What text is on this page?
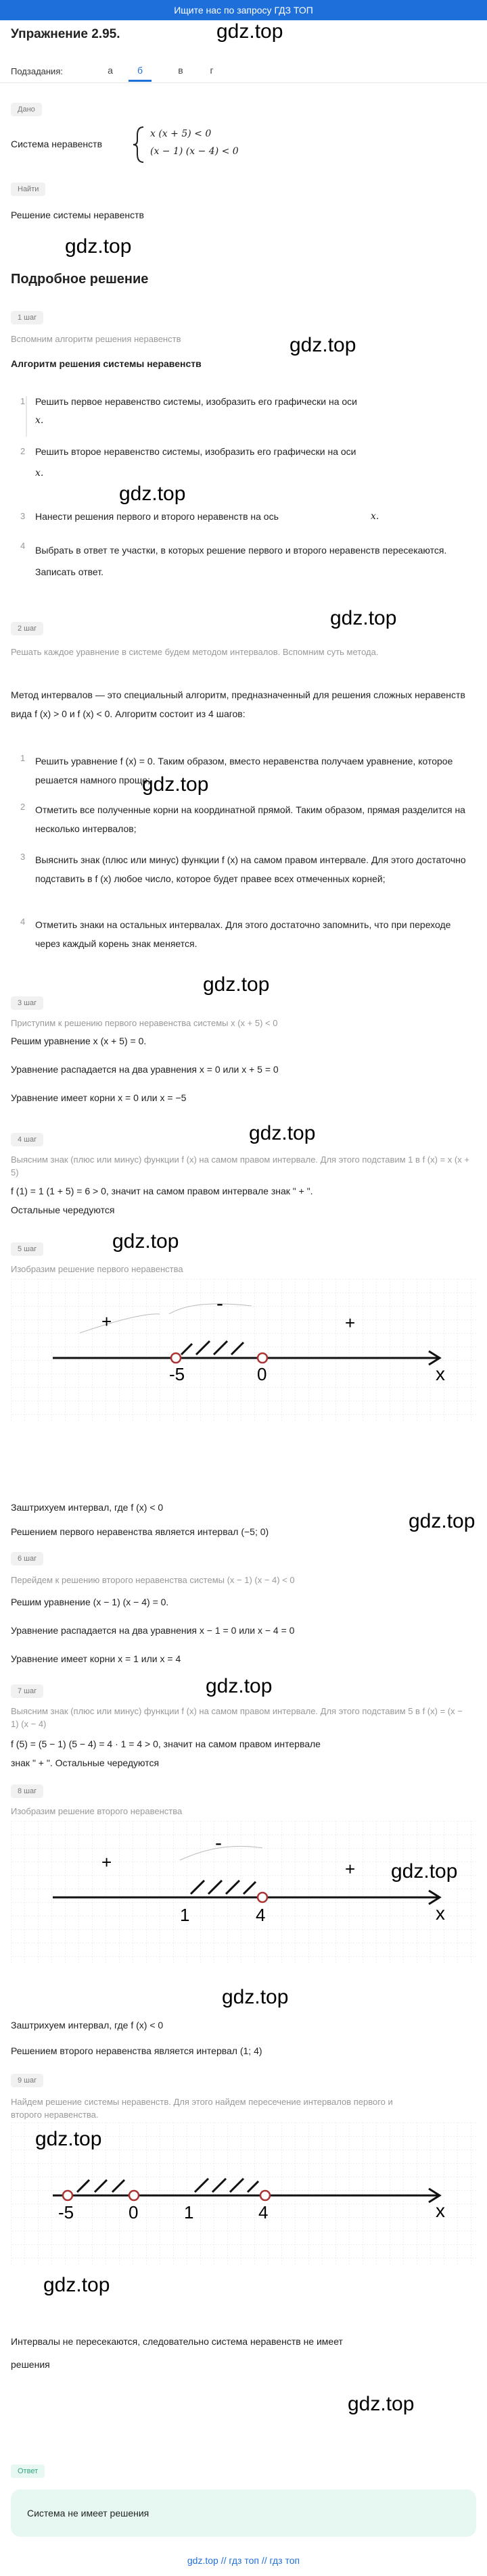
Ищите нас по запросу ГДЗ ТОП
Упражнение 2.95.	gdz.top
Подзадания:	а	б	в	г
Дано
Система неравенств
x (x + 5) < 0
(x − 1) (x − 4) < 0
Найти
Решение системы неравенств
gdz.top
Подробное решение
1 шаг
Вспомним алгоритм решения неравенств	gdz.top
Алгоритм решения системы неравенств
1 Решить первое неравенство системы, изобразить его графически на оси
x.
2 Решить второе неравенство системы, изобразить его графически на оси
x.
gdz.top
3 Нанести решения первого и второго неравенств на ось	x.
4 Выбрать в ответ те участки, в которых решение первого и второго неравенств пересекаются. Записать ответ.
gdz.top
2 шаг
Решать каждое уравнение в системе будем методом интервалов. Вспомним суть метода.
Метод интервалов — это специальный алгоритм, предназначенный для решения сложных неравенств вида f (x) > 0 и f (x) < 0. Алгоритм состоит из 4 шагов:
1 Решить уравнение f (x) = 0. Таким образом, вместо неравенства получаем уравнение, которое решается намного проще;
gdz.top
2 Отметить все полученные корни на координатной прямой. Таким образом, прямая разделится на несколько интервалов;
3 Выяснить знак (плюс или минус) функции f (x) на самом правом интервале. Для этого достаточно подставить в f (x) любое число, которое будет правее всех отмеченных корней;
4 Отметить знаки на остальных интервалах. Для этого достаточно запомнить, что при переходе через каждый корень знак меняется.
gdz.top
3 шаг
Приступим к решению первого неравенства системы x (x + 5) < 0
Решим уравнение x (x + 5) = 0.
Уравнение распадается на два уравнения x = 0 или x + 5 = 0
Уравнение имеет корни x = 0 или x = −5
gdz.top
4 шаг
Выясним знак (плюс или минус) функции f (x) на самом правом интервале. Для этого подставим 1 в f (x) = x (x + 5)
f (1) = 1 (1 + 5) = 6 > 0, значит на самом правом интервале знак " + ".
Остальные чередуются
gdz.top
5 шаг
Изобразим решение первого неравенства
-5	0
+
-
+
x
Заштрихуем интервал, где f (x) < 0
gdz.top
Решением первого неравенства является интервал (−5; 0)
6 шаг
Перейдем к решению второго неравенства системы (x − 1) (x − 4) < 0
Решим уравнение (x − 1) (x − 4) = 0.
Уравнение распадается на два уравнения x − 1 = 0 или x − 4 = 0
Уравнение имеет корни x = 1 или x = 4
gdz.top
7 шаг
Выясним знак (плюс или минус) функции f (x) на самом правом интервале. Для этого подставим 5 в f (x) = (x − 1) (x − 4)
f (5) = (5 − 1) (5 − 4) = 4 · 1 = 4 > 0, значит на самом правом интервале
знак " + ". Остальные чередуются
8 шаг
Изобразим решение второго неравенства
1	4
+
-
+
x
gdz.top
gdz.top
Заштрихуем интервал, где f (x) < 0
Решением второго неравенства является интервал (1; 4)
9 шаг
Найдем решение системы неравенств. Для этого найдем пересечение интервалов первого и второго неравенства.
-5	0	1	4	x
gdz.top
gdz.top
Интервалы не пересекаются, следовательно система неравенств не имеет
решения
gdz.top
Ответ
Система не имеет решения
gdz.top // гдз топ // гдз топ
